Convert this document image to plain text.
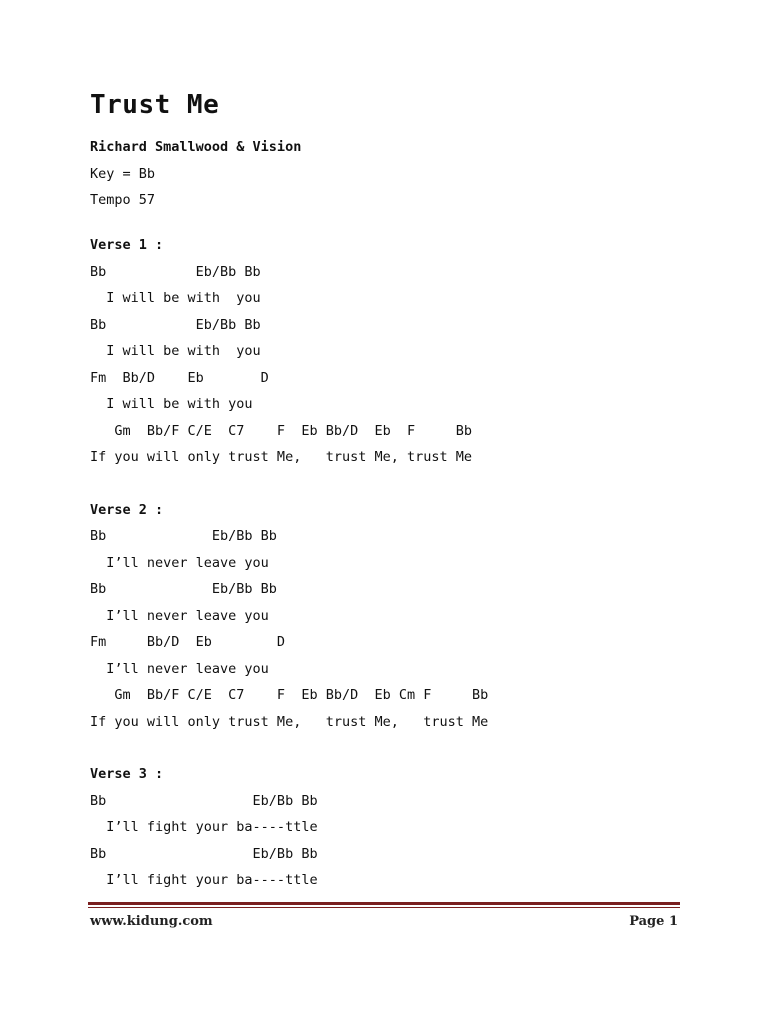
Trust Me
Richard Smallwood & Vision
Key = Bb
Tempo 57
Verse 1 :
Bb           Eb/Bb Bb
I will be with  you
Bb           Eb/Bb Bb
I will be with  you
Fm  Bb/D    Eb       D
I will be with you
Gm  Bb/F C/E  C7    F  Eb Bb/D  Eb  F     Bb
If you will only trust Me,   trust Me, trust Me
Verse 2 :
Bb             Eb/Bb Bb
I’ll never leave you
Bb             Eb/Bb Bb
I’ll never leave you
Fm     Bb/D  Eb        D
I’ll never leave you
Gm  Bb/F C/E  C7    F  Eb Bb/D  Eb Cm F     Bb
If you will only trust Me,   trust Me,   trust Me
Verse 3 :
Bb                  Eb/Bb Bb
I’ll fight your ba----ttle
Bb                  Eb/Bb Bb
I’ll fight your ba----ttle
www.kidung.com	Page 1
